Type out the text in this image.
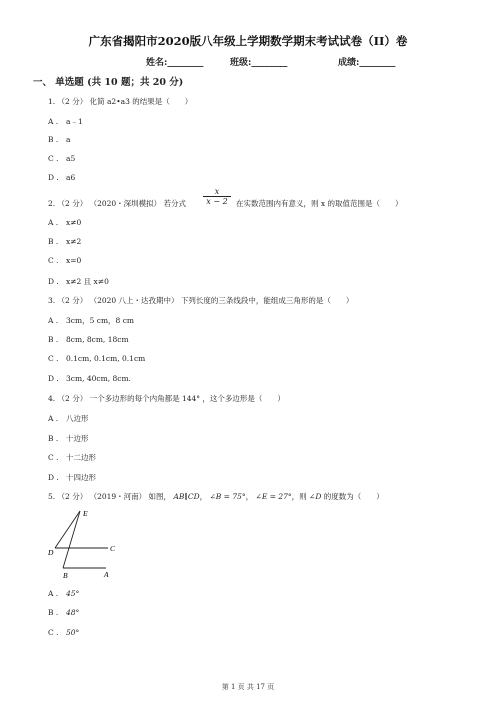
广东省揭阳市2020版八年级上学期数学期末考试试卷（II）卷
姓名:________	班级:________	成绩:________
一、 单选题 (共 10 题；共 20 分)
1. （2 分） 化简 a2•a3 的结果是（　　）
A . a﹣1
B . a
C . a5
D . a6
2. （2 分） （2020・深圳模拟） 若分式 $\frac{x}{x - 2}$ 在实数范围内有意义，则 x 的取值范围是（　　）
A . x≠0
B . x≠2
C . x=0
D . x≠2 且 x≠0
3. （2 分） （2020 八上・达孜期中） 下列长度的三条线段中，能组成三角形的是（　　）
A . 3cm，5 cm，8 cm
B . 8cm, 8cm, 18cm
C . 0.1cm, 0.1cm, 0.1cm
D . 3cm, 40cm, 8cm.
4. （2 分） 一个多边形的每个内角都是 144° ，这个多边形是（　　）
A . 八边形
B . 十边形
C . 十二边形
D . 十四边形
5. （2 分） （2019・河南） 如图， AB∥CD， ∠B = 75°， ∠E = 27°，则 ∠D 的度数为（　　）
E
D	C
B	A
A . 45°
B . 48°
C . 50°
第 1 页 共 17 页
